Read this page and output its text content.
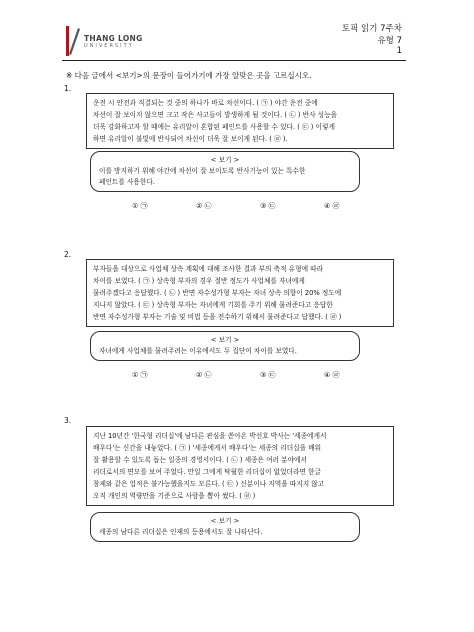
THANG LONG
UNIVERSITY
토픽 읽기 7주차
유형 7
1
※ 다음 글에서 <보기>의 문장이 들어가기에 가장 알맞은 곳을 고르십시오.
1.

운전 시 안전과 직결되는 것 중의 하나가 바로 차선이다. ( ㉠ ) 야간 운전 중에

차선이 잘 보이지 않으면 크고 작은 사고들이 발생하게 될 것이다. ( ㉡ ) 반사 성능을

더욱 강화하고자 할 때에는 유리알이 혼합된 페인트를 사용할 수 있다. ( ㉢ ) 이렇게

하면 유리알이 불빛에 반사되어 차선이 더욱 잘 보이게 된다. ( ㉣ ).

< 보기 >

이를 방지하기 위해 야간에 차선이 잘 보이도록 반사기능이 있는 특수한

페인트를 사용한다.

① ㉠	② ㉡	③ ㉢	④ ㉣
2.

부자들을 대상으로 사업체 상속 계획에 대해 조사한 결과 부의 축적 유형에 따라

차이를 보였다. ( ㉠ ) 상속형 부자의 경우 절반 정도가 사업체를 자녀에게

물려주겠다고 응답했다. ( ㉡ ) 반면 자수성가형 부자는 자녀 상속 의향이 20% 정도에

지나지 않았다. ( ㉢ ) 상속형 부자는 자녀에게 기회를 주기 위해 물려준다고 응답한

반면 자수성가형 부자는 기술 및 비법 등을 전수하기 위해서 물려준다고 답했다. ( ㉣ )

< 보기 >

자녀에게 사업체를 물려주려는 이유에서도 두 집단이 차이를 보였다.

① ㉠	② ㉡	③ ㉢	④ ㉣
3.

지난 10년간 '한국형 리더십'에 남다른 관심을 쏟아온 박선호 박사는 '세종에게서

배우다'는 신간을 내놓았다. ( ㉠ ) '세종에게서 배우다'는 세종의 리더십을 배워

잘 활용할 수 있도록 돕는 일종의 경영서이다. ( ㉡ ) 세종은 여러 분야에서

리더로서의 면모를 보여 주었다. 만일 그에게 탁월한 리더십이 없었더라면 한글

창제와 같은 업적은 불가능했을지도 모른다. ( ㉢ ) 신분이나 지역을 따지지 않고

오직 개인의 역량만을 기준으로 사람을 뽑아 썼다. ( ㉣ )

< 보기 >

세종의 남다른 리더십은 인재의 등용에서도 잘 나타난다.
